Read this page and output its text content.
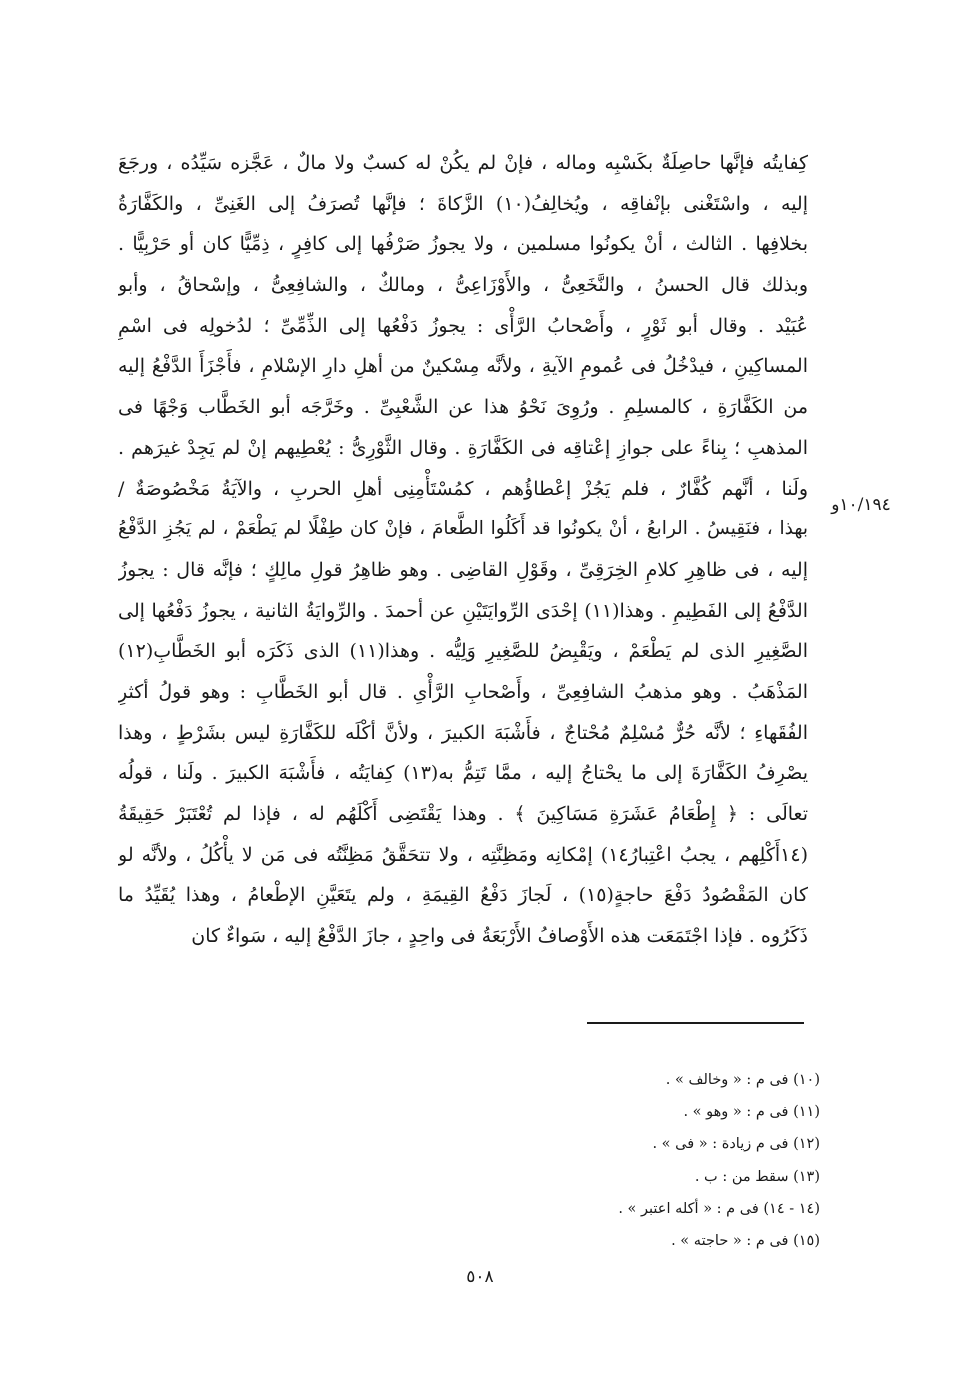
كِفايتُه فإنَّها حاصِلَةٌ بكَسْبِه وماله ، فإنْ لم يكُنْ له كسبٌ ولا مالٌ ، عَجَّزه سَيِّدُه ، ورجَعَ
إليه ، واسْتَغْنى بإنْفاقِه ، ويُخالِفُ(١٠) الزَّكاةَ ؛ فإنَّها تُصرَفُ إلى الغَنِىِّ ، والكَفَّارَةُ
بخلافِها . الثالث ، أنْ يكونُوا مسلمين ، ولا يجوزُ صَرْفُها إلى كافِرٍ ، ذِمِّيًّا كان أو حَرْبِيًّا .
وبذلك قال الحسنُ ، والنَّخَعِىُّ ، والأَوْزَاعِىُّ ، ومالكٌ ، والشافِعِىُّ ، وإسْحاقُ ، وأبو
عُبَيْد . وقال أبو ثَوْرٍ ، وأَصْحابُ الرَّأْى : يجوزُ دَفْعُها إلى الذِّمِّىِّ ؛ لدُخولِه فى اسْمِ
المساكِينِ ، فيدْخُلُ فى عُمومِ الآيةِ ، ولأنَّه مِسْكينٌ من أهلِ دارِ الإسْلامِ ، فأَجْزَأَ الدَّفْعُ إليه
من الكَفَّارَةِ ، كالمسلِمِ . ورُوِىَ نَحْوُ هذا عن الشَّعْبِىِّ . وخَرَّجَه أبو الخَطَّاب وَجْهًا فى
المذهبِ ؛ بِناءً على جوازِ إعْتاقِه فى الكَفَّارَةِ . وقال الثَّوْرِىُّ : يُعْطِيهم إنْ لم يَجِدْ غيرَهم .
ولَنا ، أنَّهم كُفَّارٌ ، فلم يَجُزْ إعْطاؤُهم ، كمُسْتَأْمِنِى أهلِ الحربِ ، والآيَةُ مَخْصُوصَةٌ /
بهذا ، فنَقِيسُ . الرابعُ ، أنْ يكونُوا قد أَكَلُوا الطَّعامَ ، فإنْ كان طِفْلًا لم يَطْعَمْ ، لم يَجُزِ الدَّفْعُ
إليه ، فى ظاهِرِ كلامِ الخِرَقِىِّ ، وقَوْلِ القاضِى . وهو ظاهِرُ قولِ مالِكٍ ؛ فإنَّه قال : يجوزُ
الدَّفْعُ إلى الفَطِيمِ . وهذا(١١) إحْدَى الرِّوايَتَيْنِ عن أحمدَ . والرِّوايَةُ الثانية ، يجوزُ دَفْعُها إلى
الصَّغِيرِ الذى لم يَطْعَمْ ، ويَقْبِضُ للصَّغِيرِ وَلِيُّه . وهذا(١١) الذى ذَكَرَه أبو الخَطَّابِ(١٢)
المَذْهَبُ . وهو مذهبُ الشافِعِىِّ ، وأَصْحابِ الرَّأْىِ . قال أبو الخَطَّابِ : وهو قولُ أكثرِ
الفُقَهاءِ ؛ لأنَّه حُرٌّ مُسْلِمٌ مُحْتاجٌ ، فأَشْبَهَ الكبيرَ ، ولأنَّ أكْلَه للكَفَّارَةِ ليس بشَرْطٍ ، وهذا
يصْرِفُ الكَفَّارَةَ إلى ما يحْتاجُ إليه ، ممَّا تَتِمُّ به(١٣) كِفايَتُه ، فأَشْبَهَ الكبيرَ . ولَنا ، قولُه
تعالَى : ﴿ إِطْعَامُ عَشَرَةِ مَسَاكِينَ ﴾ . وهذا يَقْتَضِى أَكْلَهُم له ، فإذا لم تُعْتَبَرْ حَقِيقَةُ
(١٤أَكْلِهم ، يجبُ اعْتِبارُ١٤) إمْكانِه ومَظِنَّتِه ، ولا تتحَقَّقُ مَظِنَّتُه فى مَن لا يأْكُلُ ، ولأنَّه لو
كان المَقْصُودُ دَفْعَ حاجةٍ(١٥) ، لَجازَ دَفْعُ القِيمَةِ ، ولم يتَعَيَّنِ الإطْعامُ ، وهذا يُقَيِّدُ ما
ذَكَرُوه . فإذا اجْتَمَعَت هذه الأَوْصافُ الأَرْبَعَةُ فى واحِدٍ ، جازَ الدَّفْعُ إليه ، سَواءٌ كان
١٠/١٩٤و
(١٠) فى م : « وخالف » .
(١١) فى م : « وهو » .
(١٢) فى م زيادة : « فى » .
(١٣) سقط من : ب .
(١٤ - ١٤) فى م : « أكله اعتبر » .
(١٥) فى م : « حاجته » .
٥٠٨
